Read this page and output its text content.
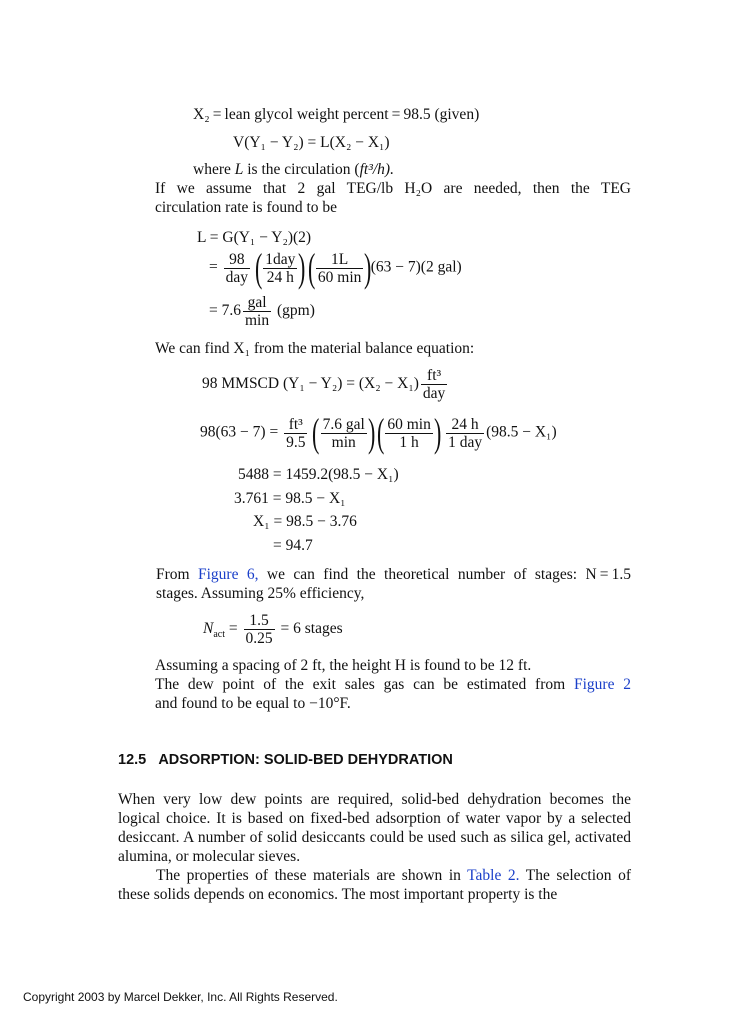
X₂ = lean glycol weight percent = 98.5 (given)
V(Y₁ − Y₂) = L(X₂ − X₁)
where L is the circulation (ft³/h).
If we assume that 2 gal TEG/lb H₂O are needed, then the TEG
circulation rate is found to be
L = G(Y₁ − Y₂)(2)
= $\frac{98}{\text{day}}$ ( $\frac{\text{1day}}{24 h}$ ) ( $\frac{1L}{60 \min} )(63 - 7)(2$ gal)
= $7.6 \frac{\text{gal}}{\min} (gpm)$
We can find X₁ from the material balance equation:
98 MMSCD $(Y_1 - Y_2) = (X_2 - X_1) \frac{\text{ft³}}{\text{day}}$
$98(63 - 7) = \frac{\text{ft³}}{9.5}$ ( $\frac{\text{7.6 gal}}{\min}$ ) ( $\frac{60 \min}{1 h}$ ) $\frac{24 h}{\text{1 day}} (98.5 - X_1)$
5488 = 1459.2(98.5 − X₁)
3.761 = 98.5 − X₁
X₁ = 98.5 − 3.76
= 94.7
From Figure 6, we can find the theoretical number of stages: N = 1.5
stages. Assuming 25% efficiency,
$N_{act} = \frac{1.5}{0.25} = 6$ stages
Assuming a spacing of 2 ft, the height H is found to be 12 ft.
The dew point of the exit sales gas can be estimated from Figure 2
and found to be equal to −10°F.
12.5 ADSORPTION: SOLID-BED DEHYDRATION

When very low dew points are required, solid-bed dehydration becomes the logical choice. It is based on fixed-bed adsorption of water vapor by a selected desiccant. A number of solid desiccants could be used such as silica gel, activated alumina, or molecular sieves.

The properties of these materials are shown in Table 2. The selection of these solids depends on economics. The most important property is the

Copyright 2003 by Marcel Dekker, Inc. All Rights Reserved.
